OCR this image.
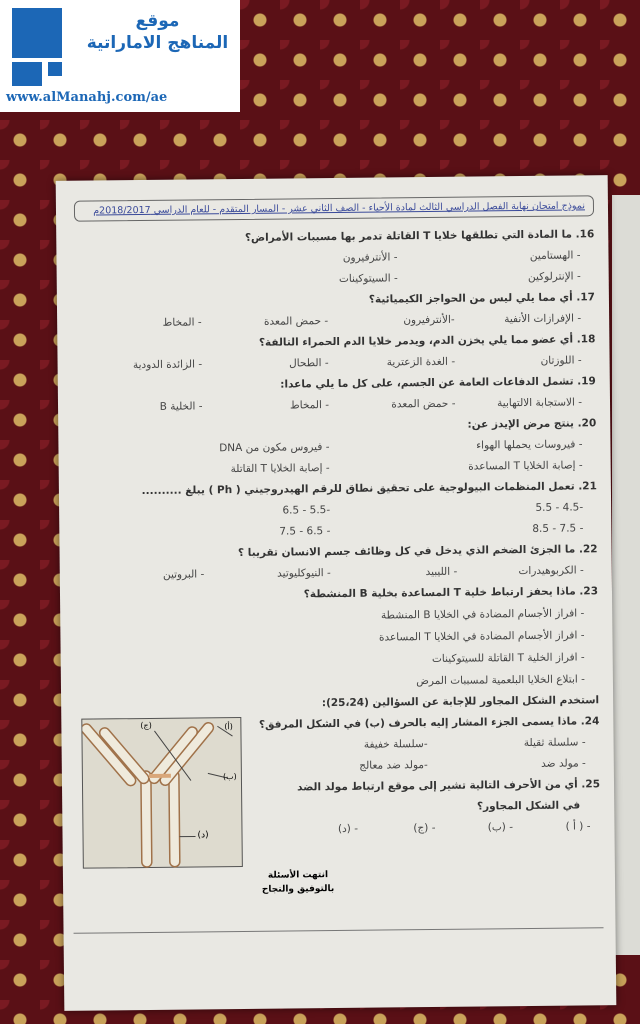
موقع
المناهج الاماراتية
www.alManahj.com/ae
نموذج امتحان نهاية الفصل الدراسي الثالث لمادة الأحياء - الصف الثاني عشر - المسار المتقدم - للعام الدراسي 2018/2017م
16. ما المادة التي تطلقها خلايا T القاتلة تدمر بها مسببات الأمراض؟
- الهستامين
- الأنترفيرون
- الإنترلوكين
- السيتوكينات
17. أي مما يلي ليس من الحواجز الكيميائية؟
- الإفرازات الأنفية
-الأنترفيرون
- حمض المعدة
- المخاط
18. أي عضو مما يلي يخزن الدم، ويدمر خلايا الدم الحمراء التالفة؟
- اللوزتان
- الغدة الزعترية
- الطحال
- الزائدة الدودية
19. تشمل الدفاعات العامة عن الجسم، على كل ما يلي ماعدا:
- الاستجابة الالتهابية
- حمض المعدة
- المخاط
- الخلية B
20. ينتج مرض الإيدز عن:
- فيروسات يحملها الهواء
- فيروس مكون من DNA
- إصابة الخلايا T المساعدة
- إصابة الخلايا T القاتلة
21. تعمل المنظمات البيولوجية على تحقيق نطاق للرقم الهيدروجيني ( Ph ) يبلغ ..........
-4.5 - 5.5
-5.5 - 6.5
- 7.5 - 8.5
- 6.5 - 7.5
22. ما الجزئ الضخم الذي يدخل في كل وظائف جسم الانسان تقريبا ؟
- الكربوهيدرات
- الليبيد
- النيوكليوتيد
- البروتين
23. ماذا يحفز ارتباط خلية T المساعدة بخلية B المنشطة؟
- افراز الأجسام المضادة في الخلايا B المنشطة
- افراز الأجسام المضادة في الخلايا T المساعدة
- افراز الخلية T القاتلة للسيتوكينات
- ابتلاع الخلايا البلعمية لمسببات المرض
استخدم الشكل المجاور للإجابة عن السؤالين (25،24):
24. ماذا يسمى الجزء المشار إليه بالحرف (ب) في الشكل المرفق؟
- سلسلة ثقيلة
-سلسلة خفيفة
- مولد ضد
-مولد ضد معالج
25. أي من الأحرف التالية تشير إلى موقع ارتباط مولد الضد
في الشكل المجاور؟
- ( أ )
- (ب)
- (ج)
- (د)
(ج)	(أ)
(ب)
(د)
انتهت الأسئلة
بالتوفيق والنجاح
